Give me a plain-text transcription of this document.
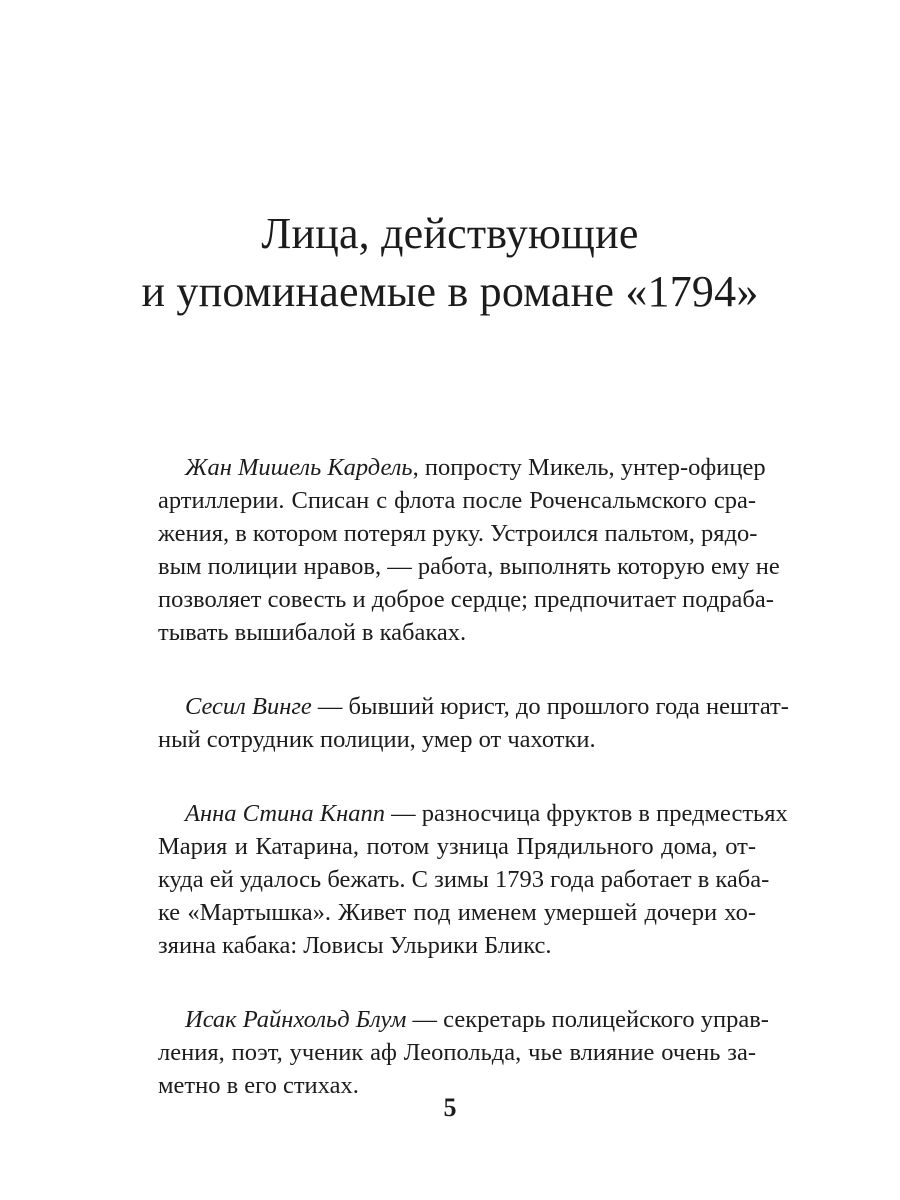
Лица, действующие
и упоминаемые в романе «1794»
Жан Мишель Кардель, попросту Микель, унтер-офицер
артиллерии. Списан с флота после Роченсальмского сра-
жения, в котором потерял руку. Устроился пальтом, рядо-
вым полиции нравов, — работа, выполнять которую ему не
позволяет совесть и доброе сердце; предпочитает подраба-
тывать вышибалой в кабаках.
Сесил Винге — бывший юрист, до прошлого года нештат-
ный сотрудник полиции, умер от чахотки.
Анна Стина Кнапп — разносчица фруктов в предместьях
Мария и Катарина, потом узница Прядильного дома, от-
куда ей удалось бежать. С зимы 1793 года работает в каба-
ке «Мартышка». Живет под именем умершей дочери хо-
зяина кабака: Ловисы Ульрики Бликс.
Исак Райнхольд Блум — секретарь полицейского управ-
ления, поэт, ученик аф Леопольда, чье влияние очень за-
метно в его стихах.
5
